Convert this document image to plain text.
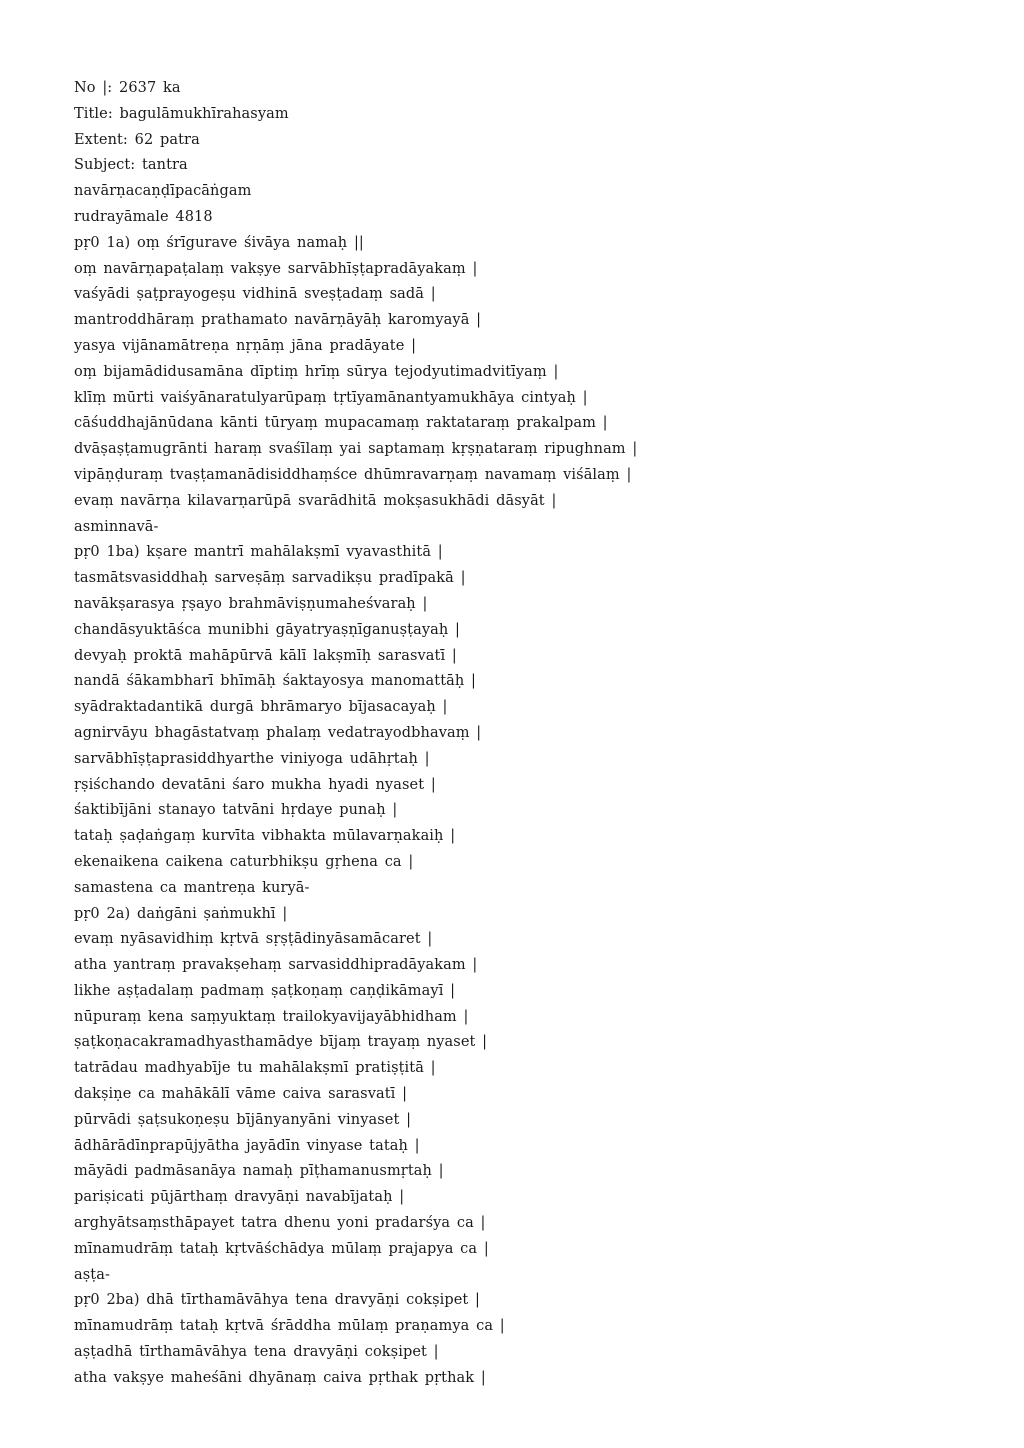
No |: 2637 ka
Title: bagulāmukhīrahasyam
Extent: 62 patra
Subject: tantra
navārṇacaṇḍīpacāṅgam
rudrayāmale 4818
pṛ0 1a) oṃ śrīgurave śivāya namaḥ ||
oṃ navārṇapaṭalaṃ vakṣye sarvābhīṣṭapradāyakaṃ |
vaśyādi ṣaṭprayogeṣu vidhinā sveṣṭadaṃ sadā |
mantroddhāraṃ prathamato navārṇāyāḥ karomyayā |
yasya vijānamātreṇa nṛṇāṃ jāna pradāyate |
oṃ bijamādidusamāna dīptiṃ hrīṃ sūrya tejodyutimadvitīyaṃ |
klīṃ mūrti vaiśyānaratulyarūpaṃ tṛtīyamānantyamukhāya cintyaḥ |
cāśuddhajānūdana kānti tūryaṃ mupacamaṃ raktataraṃ prakalpam |
dvāṣaṣṭamugrānti haraṃ svaśīlaṃ yai saptamaṃ kṛṣṇataraṃ ripughnam |
vipāṇḍuraṃ tvaṣṭamanādisiddhaṃśce dhūmravarṇaṃ navamaṃ viśālaṃ |
evaṃ navārṇa kilavarṇarūpā svarādhitā mokṣasukhādi dāsyāt |
asminnavā-
pṛ0 1ba) kṣare mantrī mahālakṣmī vyavasthitā |
tasmātsvasiddhaḥ sarveṣāṃ sarvadikṣu pradīpakā |
navākṣarasya ṛṣayo brahmāviṣṇumaheśvaraḥ |
chandāsyuktāśca munibhi gāyatryaṣṇīganuṣṭayaḥ |
devyaḥ proktā mahāpūrvā kālī lakṣmīḥ sarasvatī |
nandā śākambharī bhīmāḥ śaktayosya manomattāḥ |
syādraktadantikā durgā bhrāmaryo bījasacayaḥ |
agnirvāyu bhagāstatvaṃ phalaṃ vedatrayodbhavaṃ |
sarvābhīṣṭaprasiddhyarthe viniyoga udāhṛtaḥ |
ṛṣiśchando devatāni śaro mukha hyadi nyaset |
śaktibījāni stanayo tatvāni hṛdaye punaḥ |
tataḥ ṣaḍaṅgaṃ kurvīta vibhakta mūlavarṇakaiḥ |
ekenaikena caikena caturbhikṣu gṛhena ca |
samastena ca mantreṇa kuryā-
pṛ0 2a) daṅgāni ṣaṅmukhī |
evaṃ nyāsavidhiṃ kṛtvā sṛṣṭādinyāsamācaret |
atha yantraṃ pravakṣehaṃ sarvasiddhipradāyakam |
likhe aṣṭadalaṃ padmaṃ ṣaṭkoṇaṃ caṇḍikāmayī |
nūpuraṃ kena saṃyuktaṃ trailokyavijayābhidham |
ṣaṭkoṇacakramadhyasthamādye bījaṃ trayaṃ nyaset |
tatrādau madhyabīje tu mahālakṣmī pratiṣṭitā |
dakṣiṇe ca mahākālī vāme caiva sarasvatī |
pūrvādi ṣaṭsukoṇeṣu bījānyanyāni vinyaset |
ādhārādīnprapūjyātha jayādīn vinyase tataḥ |
māyādi padmāsanāya namaḥ pīṭhamanusmṛtaḥ |
pariṣicati pūjārthaṃ dravyāṇi navabījataḥ |
arghyātsaṃsthāpayet tatra dhenu yoni pradarśya ca |
mīnamudrāṃ tataḥ kṛtvāśchādya mūlaṃ prajapya ca |
aṣṭa-
pṛ0 2ba) dhā tīrthamāvāhya tena dravyāṇi cokṣipet |
mīnamudrāṃ tataḥ kṛtvā śrāddha mūlaṃ praṇamya ca |
aṣṭadhā tīrthamāvāhya tena dravyāṇi cokṣipet |
atha vakṣye maheśāni dhyānaṃ caiva pṛthak pṛthak |
